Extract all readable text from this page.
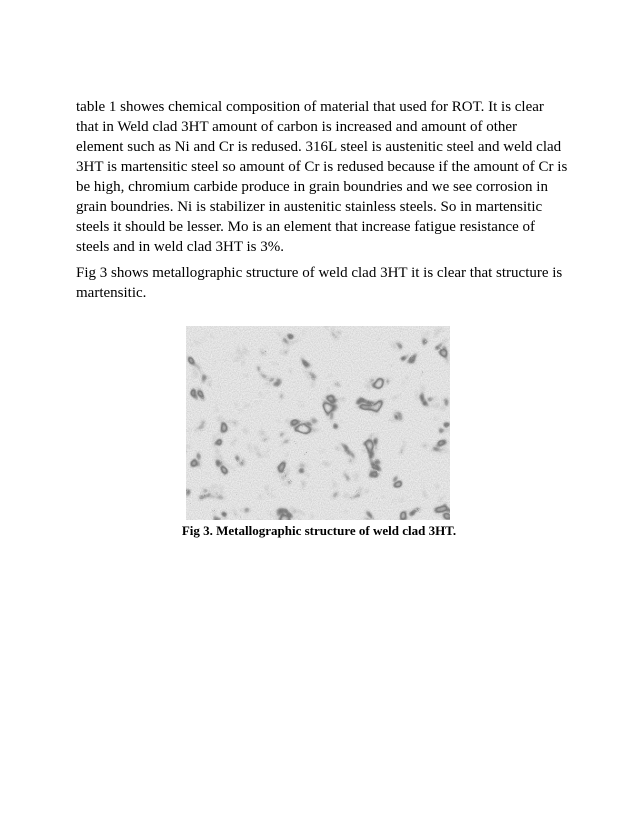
table 1 showes chemical composition of material that used for ROT. It is clear that in Weld clad 3HT amount of carbon is increased and amount of other element such as Ni and Cr is redused. 316L steel is austenitic steel and weld clad 3HT is martensitic steel so amount of Cr is redused because if the amount of Cr is be high, chromium carbide produce in grain boundries and we see corrosion in grain boundries. Ni is stabilizer in austenitic stainless steels. So in martensitic steels it should be lesser. Mo is an element that increase fatigue resistance of steels and in weld clad 3HT is 3%.

Fig 3 shows metallographic structure of weld clad 3HT it is clear that structure is martensitic.

Fig 3. Metallographic structure of weld clad 3HT.
